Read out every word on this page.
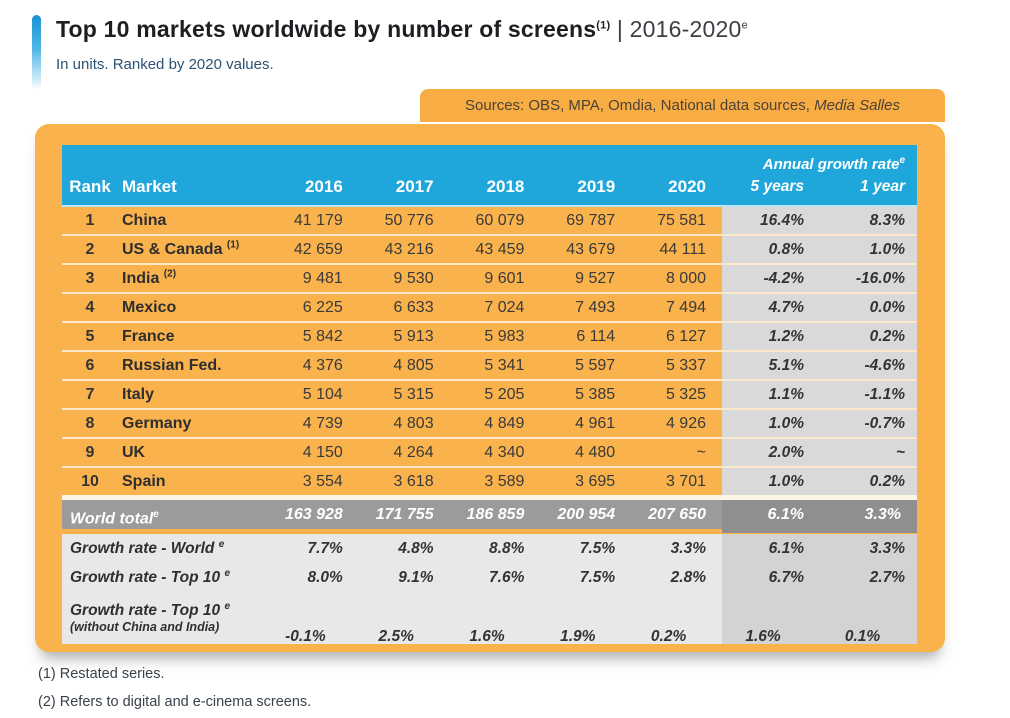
Top 10 markets worldwide by number of screens$^{(1)}$ | 2016-2020e
In units. Ranked by 2020 values.
Sources: OBS, MPA, Omdia, National data sources, Media Salles
Annual growth rate$^e$
Rank Market	2016	2017	2018	2019	2020	5 years	1 year
1	China	41 179	50 776	60 079	69 787	75 581	16.4%	8.3%
2	US & Canada $^{(1)}$	42 659	43 216	43 459	43 679	44 111	0.8%	1.0%
3	India $^{(2)}$	9 481	9 530	9 601	9 527	8 000	-4.2%	-16.0%
4	Mexico	6 225	6 633	7 024	7 493	7 494	4.7%	0.0%
5	France	5 842	5 913	5 983	6 114	6 127	1.2%	0.2%
6	Russian Fed.	4 376	4 805	5 341	5 597	5 337	5.1%	-4.6%
7	Italy	5 104	5 315	5 205	5 385	5 325	1.1%	-1.1%
8	Germany	4 739	4 803	4 849	4 961	4 926	1.0%	-0.7%
9	UK	4 150	4 264	4 340	4 480	~	2.0%	~
10	Spain	3 554	3 618	3 589	3 695	3 701	1.0%	0.2%
World total$^e$	163 928	171 755	186 859	200 954	207 650	6.1%	3.3%
Growth rate - World $^e$	7.7%	4.8%	8.8%	7.5%	3.3%	6.1%	3.3%
Growth rate - Top 10 $^e$	8.0%	9.1%	7.6%	7.5%	2.8%	6.7%	2.7%
Growth rate - Top 10 $^e$
(without China and India)
-0.1%	2.5%	1.6%	1.9%	0.2%	1.6%	0.1%
(1) Restated series.
(2) Refers to digital and e-cinema screens.
